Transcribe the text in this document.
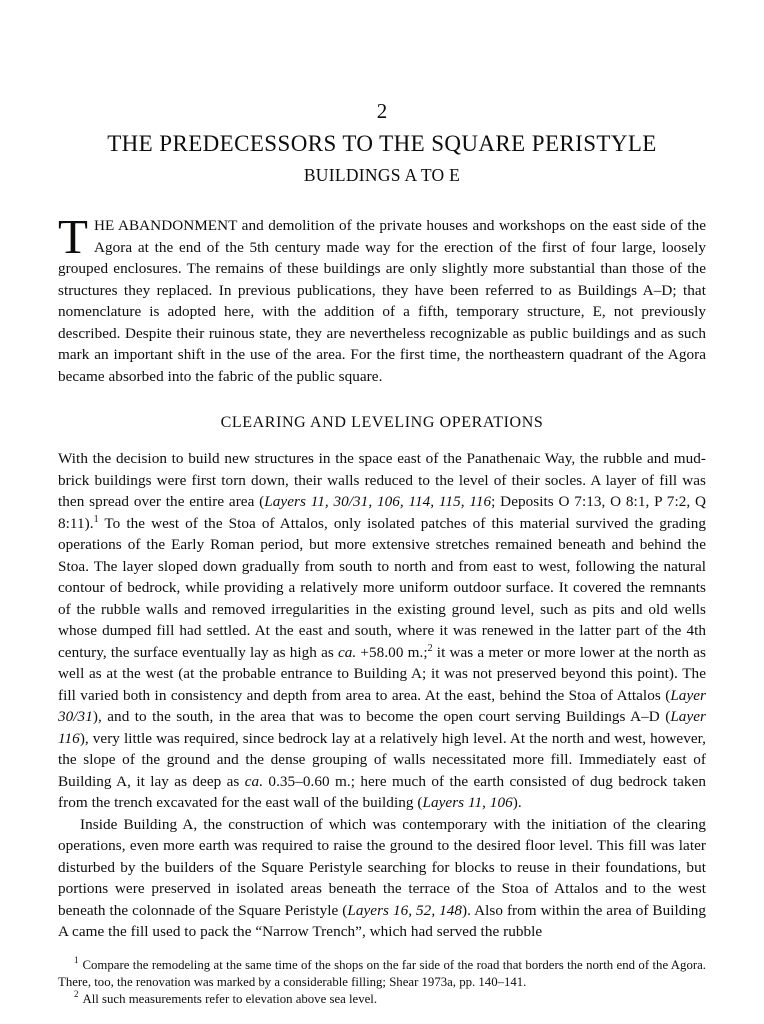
2
THE PREDECESSORS TO THE SQUARE PERISTYLE
BUILDINGS A TO E

THE ABANDONMENT and demolition of the private houses and workshops on the east side of the Agora at the end of the 5th century made way for the erection of the first of four large, loosely grouped enclosures. The remains of these buildings are only slightly more substantial than those of the structures they replaced. In previous publications, they have been referred to as Buildings A–D; that nomenclature is adopted here, with the addition of a fifth, temporary structure, E, not previously described. Despite their ruinous state, they are nevertheless recognizable as public buildings and as such mark an important shift in the use of the area. For the first time, the northeastern quadrant of the Agora became absorbed into the fabric of the public square.

CLEARING AND LEVELING OPERATIONS

With the decision to build new structures in the space east of the Panathenaic Way, the rubble and mud-brick buildings were first torn down, their walls reduced to the level of their socles. A layer of fill was then spread over the entire area (Layers 11, 30/31, 106, 114, 115, 116; Deposits O 7:13, O 8:1, P 7:2, Q 8:11).$^1$ To the west of the Stoa of Attalos, only isolated patches of this material survived the grading operations of the Early Roman period, but more extensive stretches remained beneath and behind the Stoa. The layer sloped down gradually from south to north and from east to west, following the natural contour of bedrock, while providing a relatively more uniform outdoor surface. It covered the remnants of the rubble walls and removed irregularities in the existing ground level, such as pits and old wells whose dumped fill had settled. At the east and south, where it was renewed in the latter part of the 4th century, the surface eventually lay as high as ca. +58.00 m.;$^2$ it was a meter or more lower at the north as well as at the west (at the probable entrance to Building A; it was not preserved beyond this point). The fill varied both in consistency and depth from area to area. At the east, behind the Stoa of Attalos (Layer 30/31), and to the south, in the area that was to become the open court serving Buildings A–D (Layer 116), very little was required, since bedrock lay at a relatively high level. At the north and west, however, the slope of the ground and the dense grouping of walls necessitated more fill. Immediately east of Building A, it lay as deep as ca. 0.35–0.60 m.; here much of the earth consisted of dug bedrock taken from the trench excavated for the east wall of the building (Layers 11, 106).

Inside Building A, the construction of which was contemporary with the initiation of the clearing operations, even more earth was required to raise the ground to the desired floor level. This fill was later disturbed by the builders of the Square Peristyle searching for blocks to reuse in their foundations, but portions were preserved in isolated areas beneath the terrace of the Stoa of Attalos and to the west beneath the colonnade of the Square Peristyle (Layers 16, 52, 148). Also from within the area of Building A came the fill used to pack the “Narrow Trench”, which had served the rubble

$^1$ Compare the remodeling at the same time of the shops on the far side of the road that borders the north end of the Agora. There, too, the renovation was marked by a considerable filling; Shear 1973a, pp. 140–141.

$^2$ All such measurements refer to elevation above sea level.
